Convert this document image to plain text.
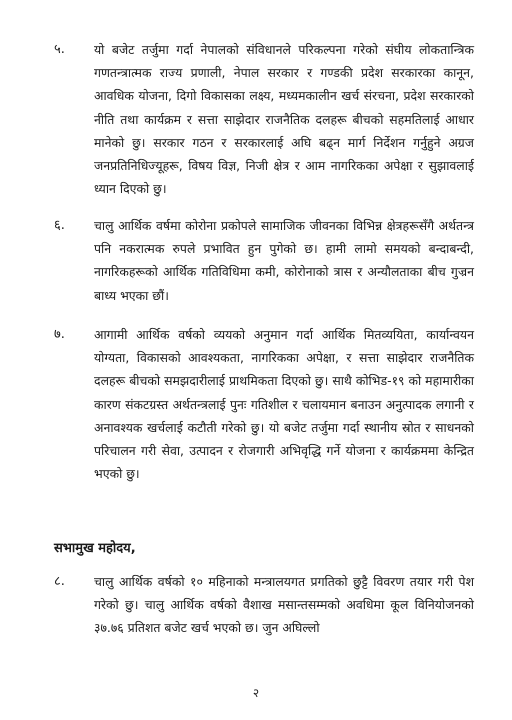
५. यो बजेट तर्जुमा गर्दा नेपालको संविधानले परिकल्पना गरेको संघीय लोकतान्त्रिक गणतन्त्रात्मक राज्य प्रणाली, नेपाल सरकार र गण्डकी प्रदेश सरकारका कानून, आवधिक योजना, दिगो विकासका लक्ष्य, मध्यमकालीन खर्च संरचना, प्रदेश सरकारको नीति तथा कार्यक्रम र सत्ता साझेदार राजनैतिक दलहरू बीचको सहमतिलाई आधार मानेको छु। सरकार गठन र सरकारलाई अघि बढ्न मार्ग निर्देशन गर्नुहुने अग्रज जनप्रतिनिधिज्यूहरू, विषय विज्ञ, निजी क्षेत्र र आम नागरिकका अपेक्षा र सुझावलाई ध्यान दिएको छु।
६. चालु आर्थिक वर्षमा कोरोना प्रकोपले सामाजिक जीवनका विभिन्न क्षेत्रहरूसँगै अर्थतन्त्र पनि नकरात्मक रुपले प्रभावित हुन पुगेको छ। हामी लामो समयको बन्दाबन्दी, नागरिकहरूको आर्थिक गतिविधिमा कमी, कोरोनाको त्रास र अन्यौलताका बीच गुज्रन बाध्य भएका छौं।
७. आगामी आर्थिक वर्षको व्ययको अनुमान गर्दा आर्थिक मितव्ययिता, कार्यान्वयन योग्यता, विकासको आवश्यकता, नागरिकका अपेक्षा, र सत्ता साझेदार राजनैतिक दलहरू बीचको समझदारीलाई प्राथमिकता दिएको छु। साथै कोभिड-१९ को महामारीका कारण संकटग्रस्त अर्थतन्त्रलाई पुनः गतिशील र चलायमान बनाउन अनुत्पादक लगानी र अनावश्यक खर्चलाई कटौती गरेको छु। यो बजेट तर्जुमा गर्दा स्थानीय स्रोत र साधनको परिचालन गरी सेवा, उत्पादन र रोजगारी अभिवृद्धि गर्ने योजना र कार्यक्रममा केन्द्रित भएको छु।
सभामुख महोदय,
८. चालु आर्थिक वर्षको १० महिनाको मन्त्रालयगत प्रगतिको छुट्टै विवरण तयार गरी पेश गरेको छु। चालु आर्थिक वर्षको वैशाख मसान्तसम्मको अवधिमा कूल विनियोजनको ३७.७६ प्रतिशत बजेट खर्च भएको छ। जुन अघिल्लो
२
